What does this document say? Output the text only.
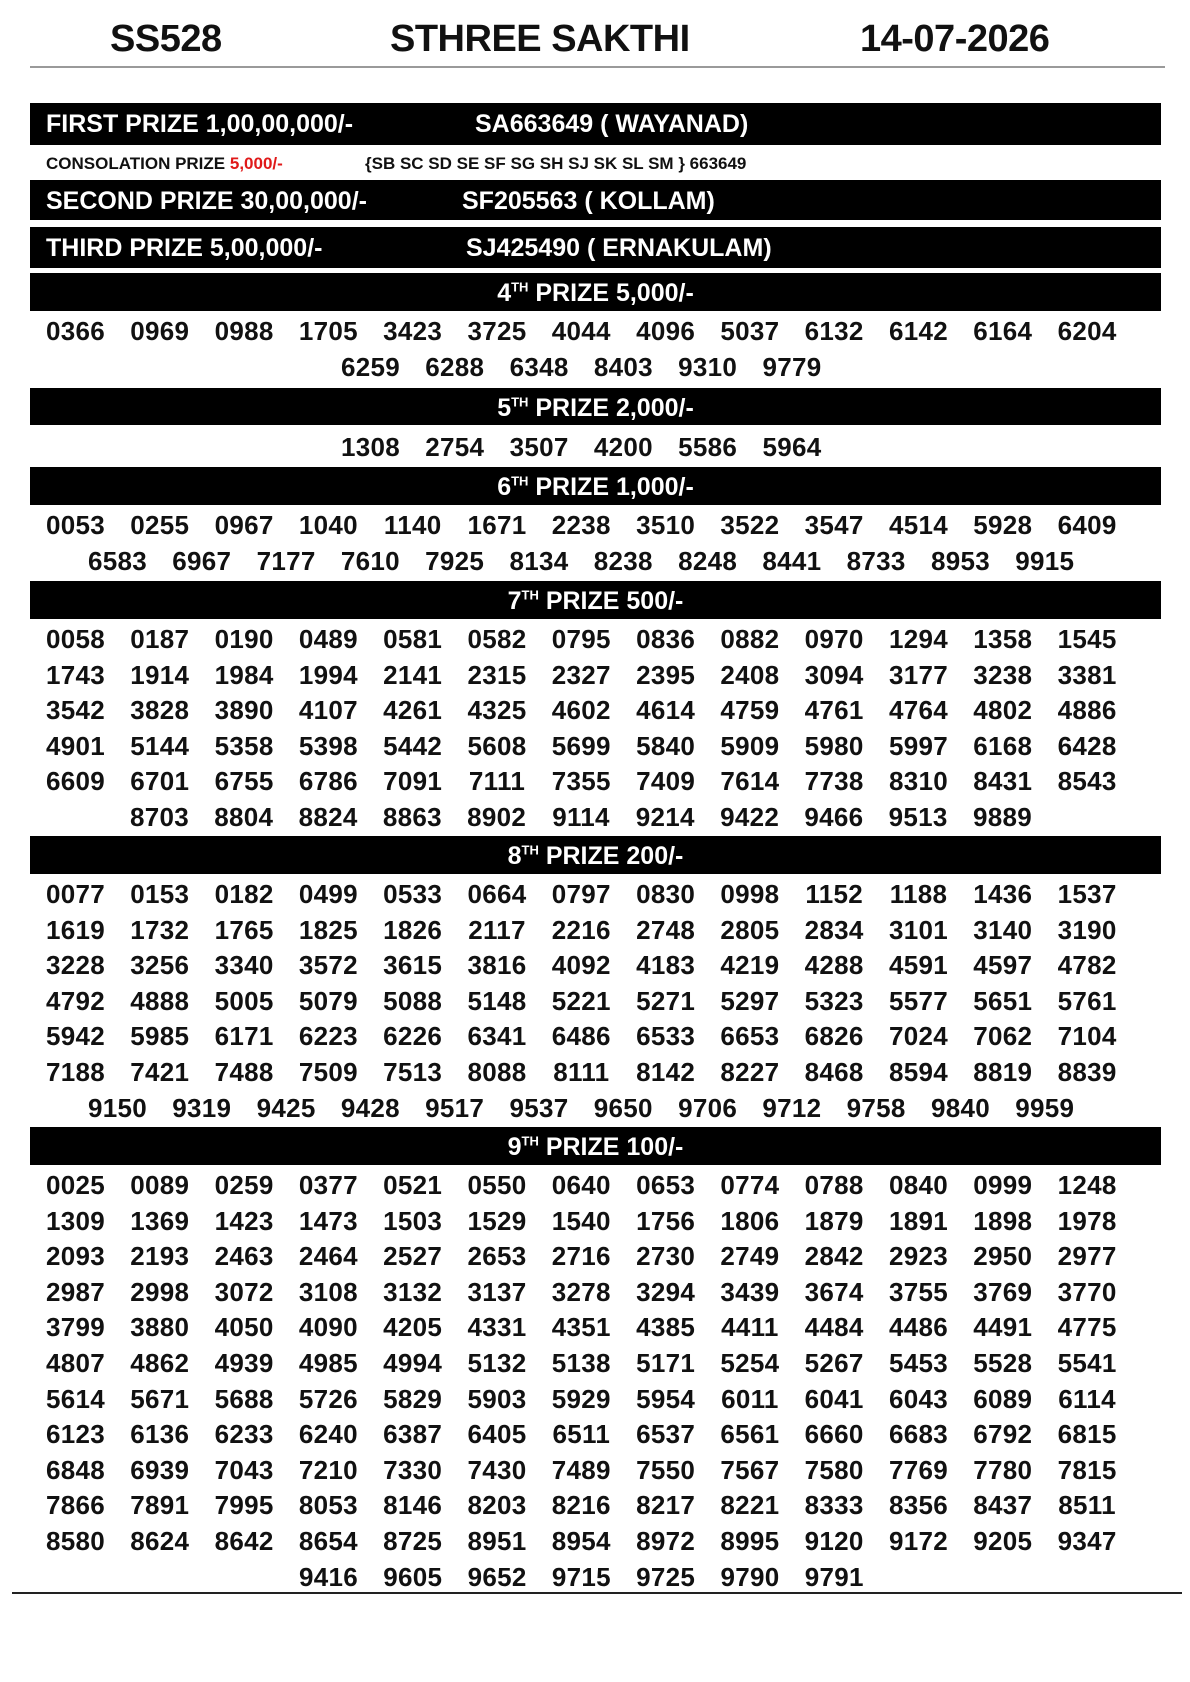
SS528	STHREE SAKTHI	14-07-2026
FIRST PRIZE 1,00,00,000/-	SA663649 ( WAYANAD)
CONSOLATION PRIZE 5,000/-	{SB SC SD SE SF SG SH SJ SK SL SM } 663649
SECOND PRIZE 30,00,000/-	SF205563 ( KOLLAM)
THIRD PRIZE 5,00,000/-	SJ425490 ( ERNAKULAM)
4TH PRIZE 5,000/-
0366 0969 0988 1705 3423 3725 4044 4096 5037 6132 6142 6164 6204
6259 6288 6348 8403 9310 9779
5TH PRIZE 2,000/-
1308 2754 3507 4200 5586 5964
6TH PRIZE 1,000/-
0053 0255 0967 1040 1140 1671 2238 3510 3522 3547 4514 5928 6409
6583 6967 7177 7610 7925 8134 8238 8248 8441 8733 8953 9915
7TH PRIZE 500/-
0058 0187 0190 0489 0581 0582 0795 0836 0882 0970 1294 1358 1545
1743 1914 1984 1994 2141 2315 2327 2395 2408 3094 3177 3238 3381
3542 3828 3890 4107 4261 4325 4602 4614 4759 4761 4764 4802 4886
4901 5144 5358 5398 5442 5608 5699 5840 5909 5980 5997 6168 6428
6609 6701 6755 6786 7091	7111	7355 7409 7614 7738 8310 8431 8543
8703 8804 8824 8863 8902 9114 9214 9422 9466 9513 9889
8TH PRIZE 200/-
0077 0153 0182 0499 0533 0664 0797 0830 0998 1152	1188 1436 1537
1619 1732 1765 1825 1826 2117 2216 2748 2805 2834 3101 3140 3190
3228 3256 3340 3572 3615 3816 4092 4183 4219 4288 4591 4597 4782
4792 4888 5005 5079 5088 5148 5221 5271 5297 5323 5577 5651 5761
5942 5985 6171 6223 6226 6341 6486 6533 6653 6826 7024 7062 7104
7188 7421 7488 7509 7513 8088	8111	8142 8227 8468 8594 8819 8839
9150 9319 9425 9428 9517 9537 9650 9706 9712 9758 9840 9959
9TH PRIZE 100/-
0025 0089 0259 0377 0521 0550 0640 0653 0774 0788 0840 0999 1248
1309 1369 1423 1473 1503 1529 1540 1756 1806 1879 1891 1898 1978
2093 2193 2463 2464 2527 2653 2716 2730 2749 2842 2923 2950 2977
2987 2998 3072 3108 3132 3137 3278 3294 3439 3674 3755 3769 3770
3799 3880 4050 4090 4205 4331 4351 4385 4411 4484 4486 4491 4775
4807 4862 4939 4985 4994 5132 5138 5171 5254 5267 5453 5528 5541
5614 5671 5688 5726 5829 5903 5929 5954 6011 6041 6043 6089 6114
6123 6136 6233 6240 6387 6405 6511 6537 6561 6660 6683 6792 6815
6848 6939 7043 7210 7330 7430 7489 7550 7567 7580 7769 7780 7815
7866 7891 7995 8053 8146 8203 8216 8217 8221 8333 8356 8437 8511
8580 8624 8642 8654 8725 8951 8954 8972 8995 9120 9172 9205 9347
9416 9605 9652 9715 9725 9790 9791
